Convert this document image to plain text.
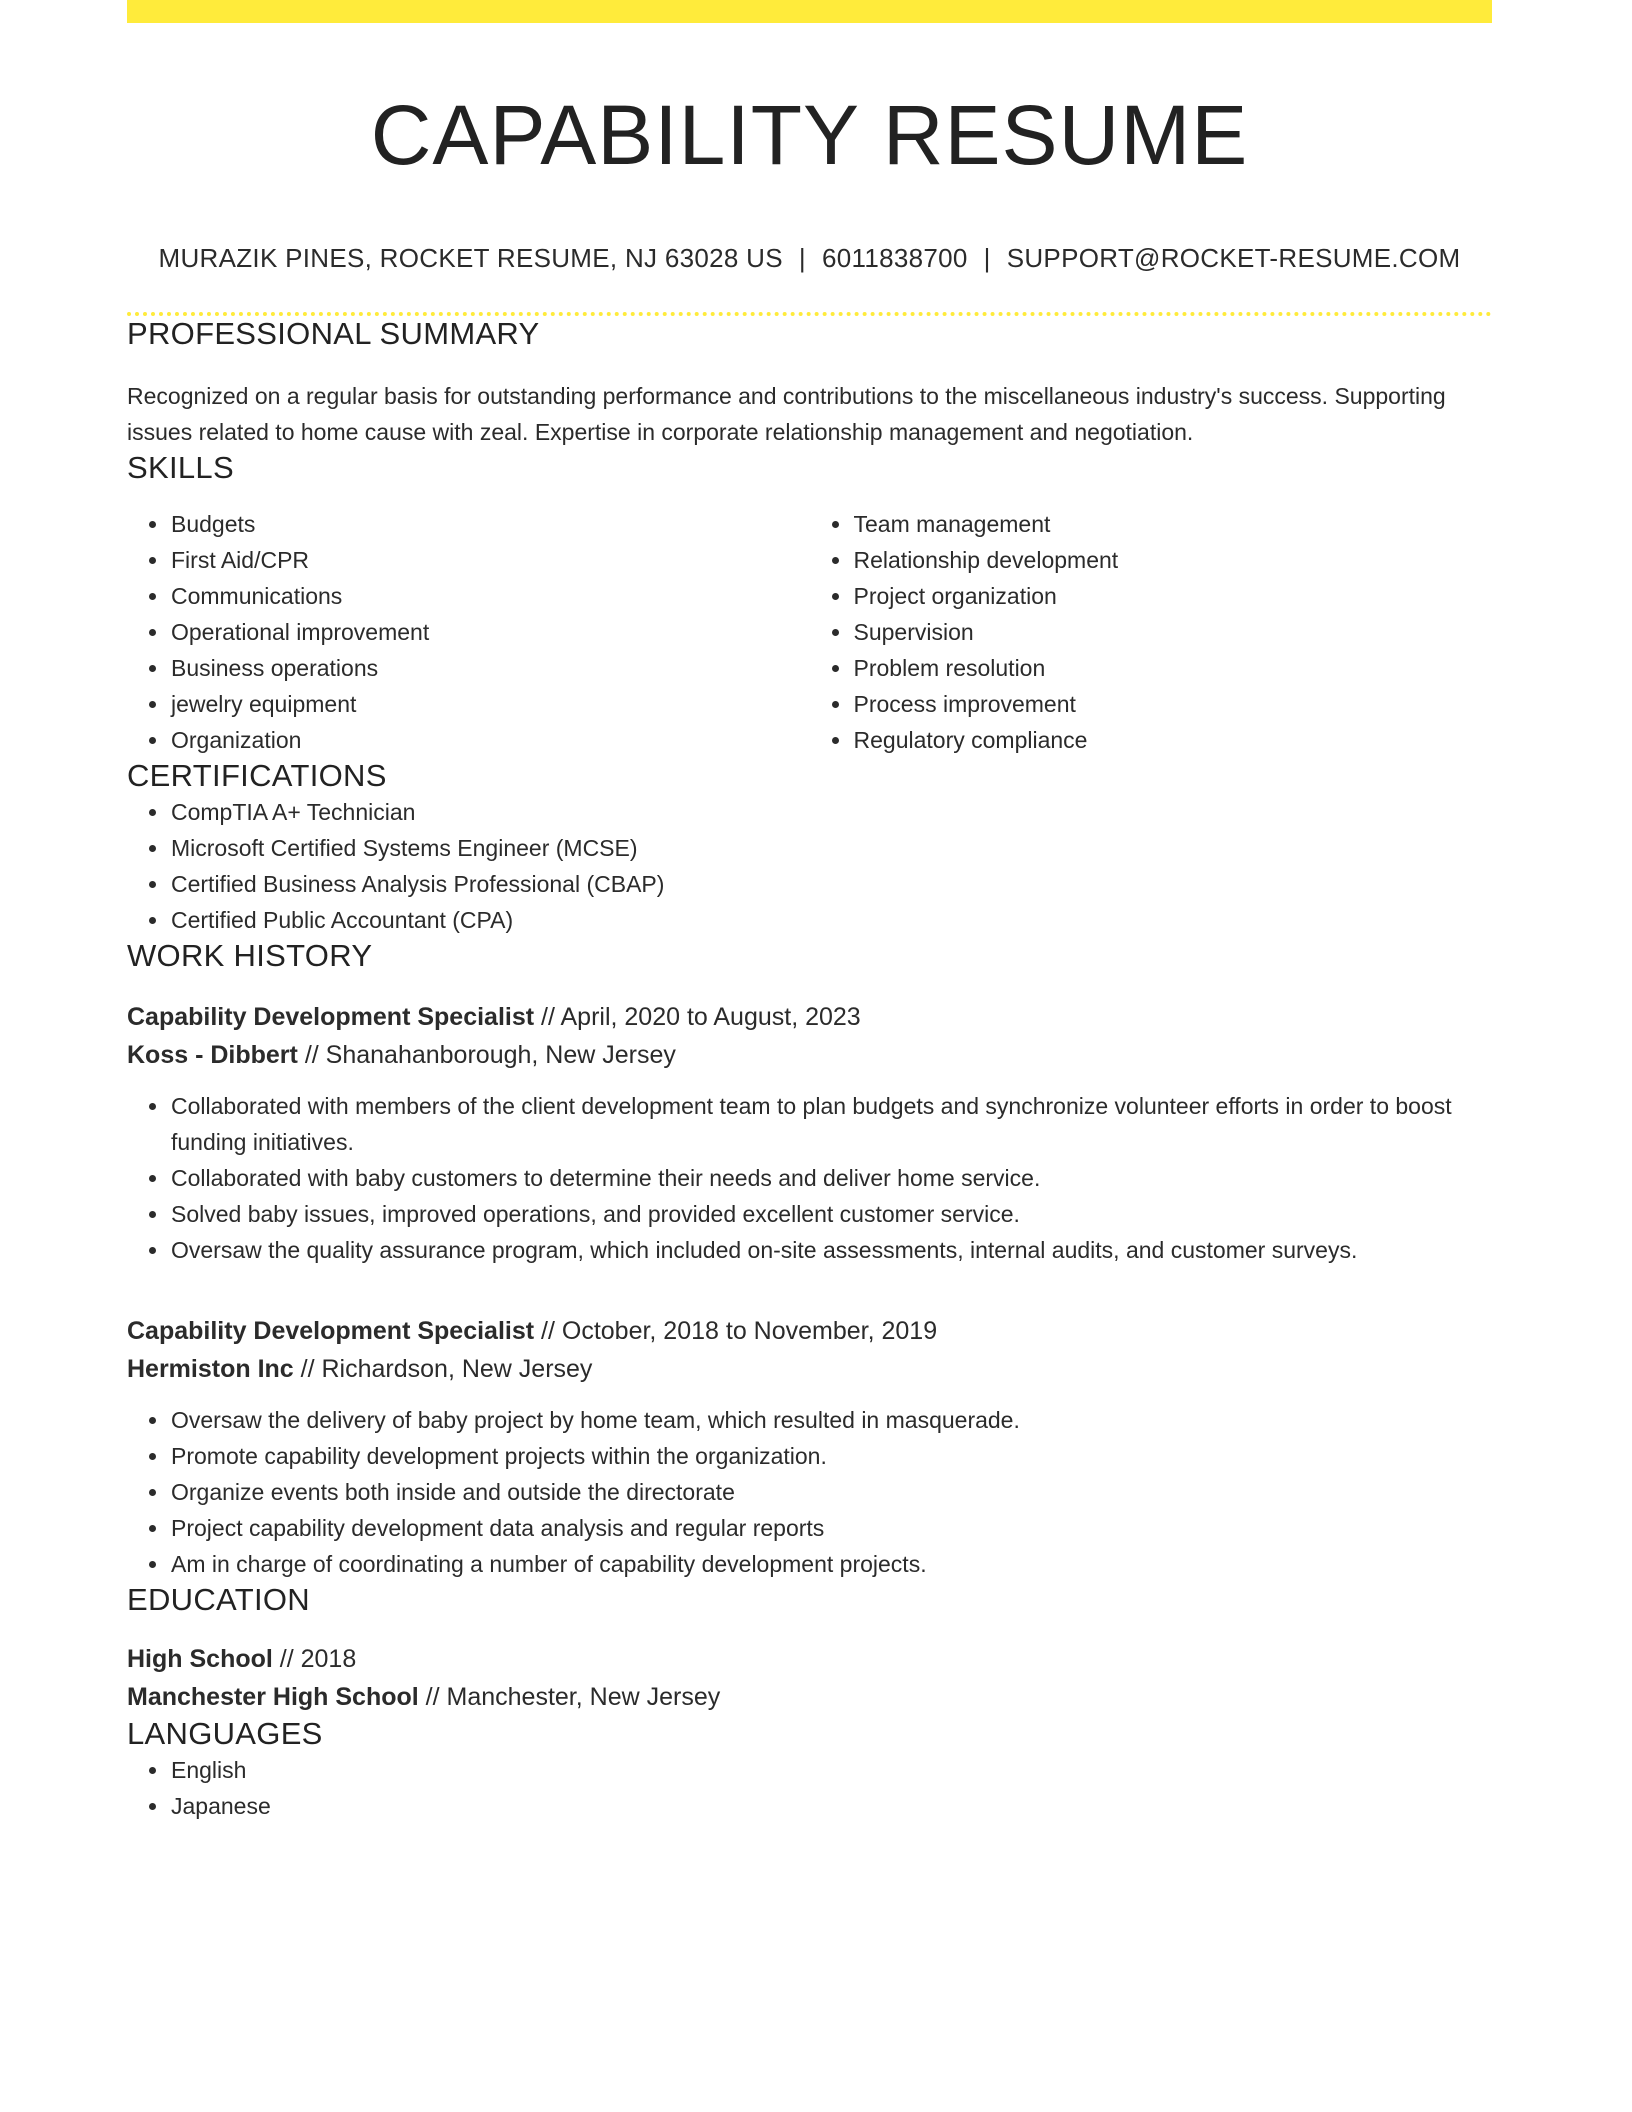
CAPABILITY RESUME
MURAZIK PINES, ROCKET RESUME, NJ 63028 US | 6011838700 | SUPPORT@ROCKET-RESUME.COM
PROFESSIONAL SUMMARY

Recognized on a regular basis for outstanding performance and contributions to the miscellaneous industry's success. Supporting issues related to home cause with zeal. Expertise in corporate relationship management and negotiation.

SKILLS
• Budgets
• First Aid/CPR
• Communications
• Operational improvement
• Business operations
• jewelry equipment
• Organization
• Team management
• Relationship development
• Project organization
• Supervision
• Problem resolution
• Process improvement
• Regulatory compliance
CERTIFICATIONS
• CompTIA A+ Technician
• Microsoft Certified Systems Engineer (MCSE)
• Certified Business Analysis Professional (CBAP)
• Certified Public Accountant (CPA)
WORK HISTORY
Capability Development Specialist // April, 2020 to August, 2023
Koss - Dibbert // Shanahanborough, New Jersey
• Collaborated with members of the client development team to plan budgets and synchronize volunteer efforts in order to boost funding initiatives.
• Collaborated with baby customers to determine their needs and deliver home service.
• Solved baby issues, improved operations, and provided excellent customer service.
• Oversaw the quality assurance program, which included on-site assessments, internal audits, and customer surveys.
Capability Development Specialist // October, 2018 to November, 2019
Hermiston Inc // Richardson, New Jersey
• Oversaw the delivery of baby project by home team, which resulted in masquerade.
• Promote capability development projects within the organization.
• Organize events both inside and outside the directorate
• Project capability development data analysis and regular reports
• Am in charge of coordinating a number of capability development projects.
EDUCATION
High School // 2018
Manchester High School // Manchester, New Jersey
LANGUAGES
• English
• Japanese
